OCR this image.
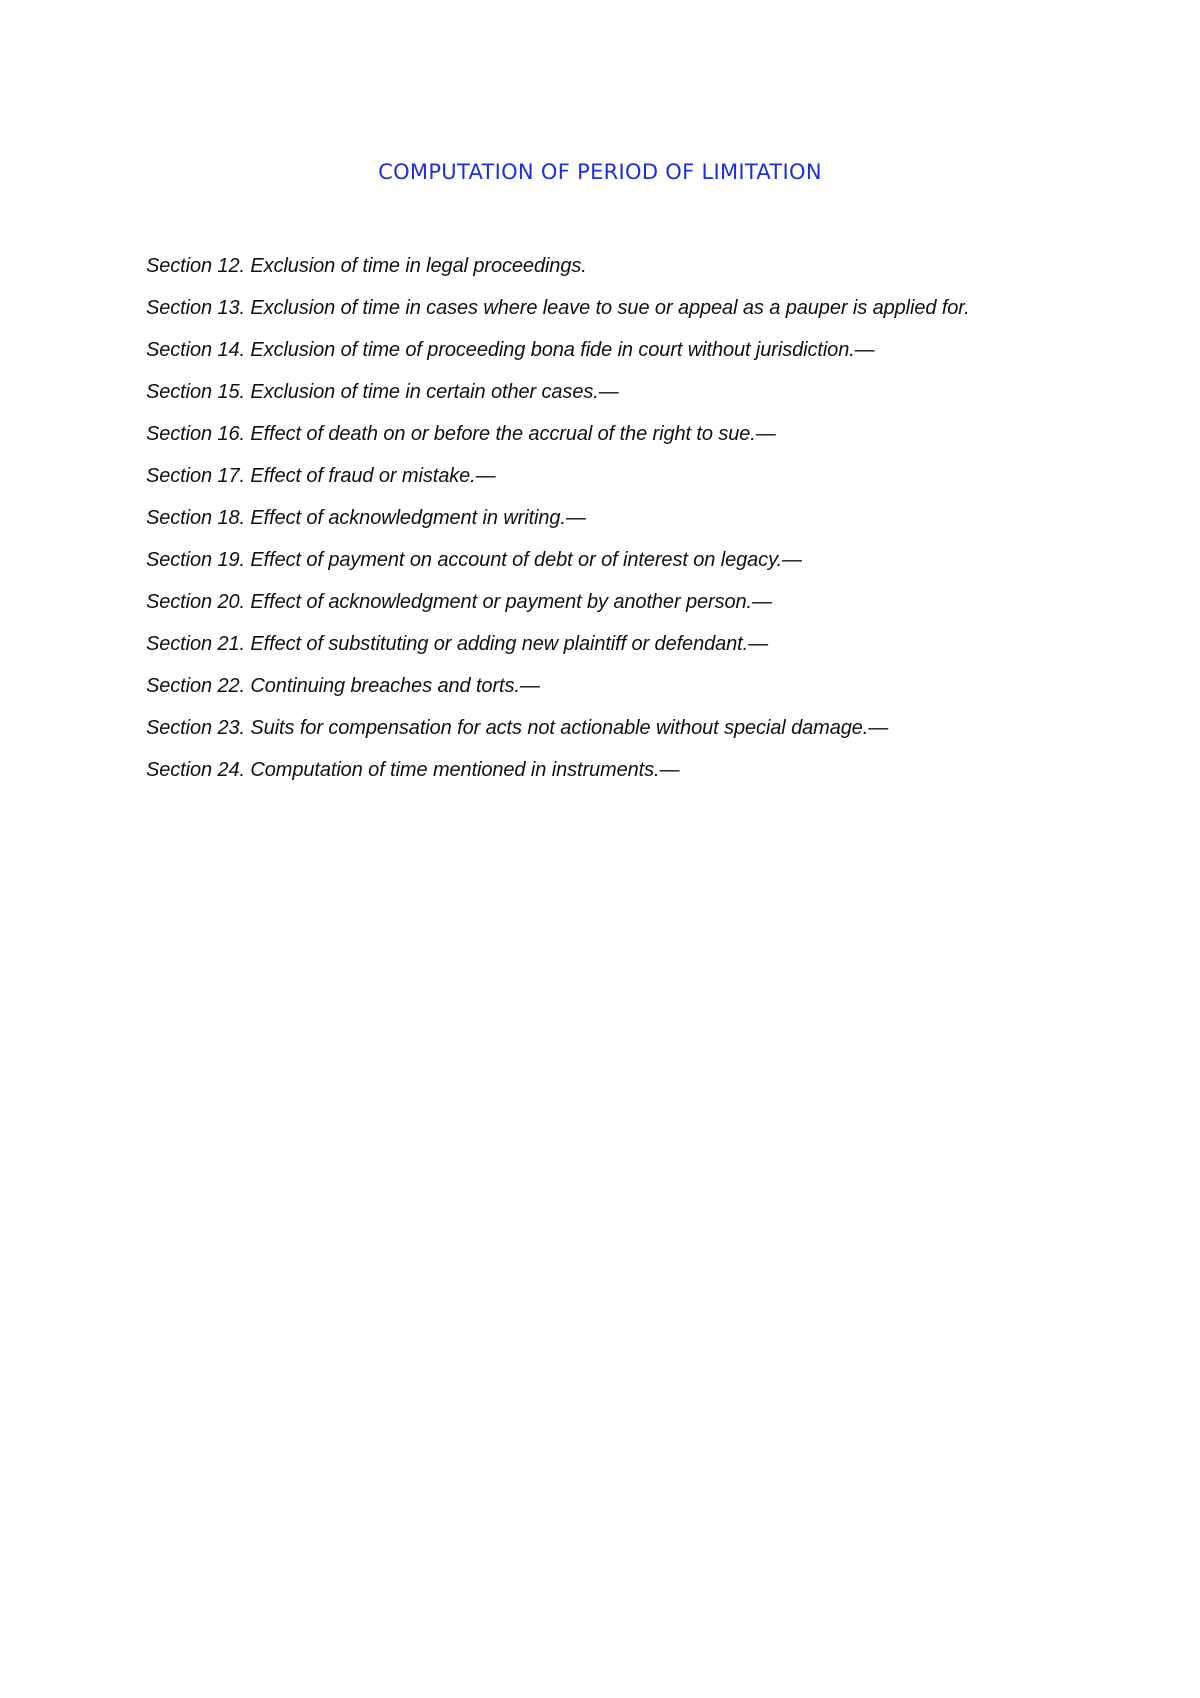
COMPUTATION OF PERIOD OF LIMITATION
Section 12. Exclusion of time in legal proceedings.
Section 13. Exclusion of time in cases where leave to sue or appeal as a pauper is applied for.
Section 14. Exclusion of time of proceeding bona fide in court without jurisdiction.—
Section 15. Exclusion of time in certain other cases.—
Section 16. Effect of death on or before the accrual of the right to sue.—
Section 17. Effect of fraud or mistake.—
Section 18. Effect of acknowledgment in writing.—
Section 19. Effect of payment on account of debt or of interest on legacy.—
Section 20. Effect of acknowledgment or payment by another person.—
Section 21. Effect of substituting or adding new plaintiff or defendant.—
Section 22. Continuing breaches and torts.—
Section 23. Suits for compensation for acts not actionable without special damage.—
Section 24. Computation of time mentioned in instruments.—
